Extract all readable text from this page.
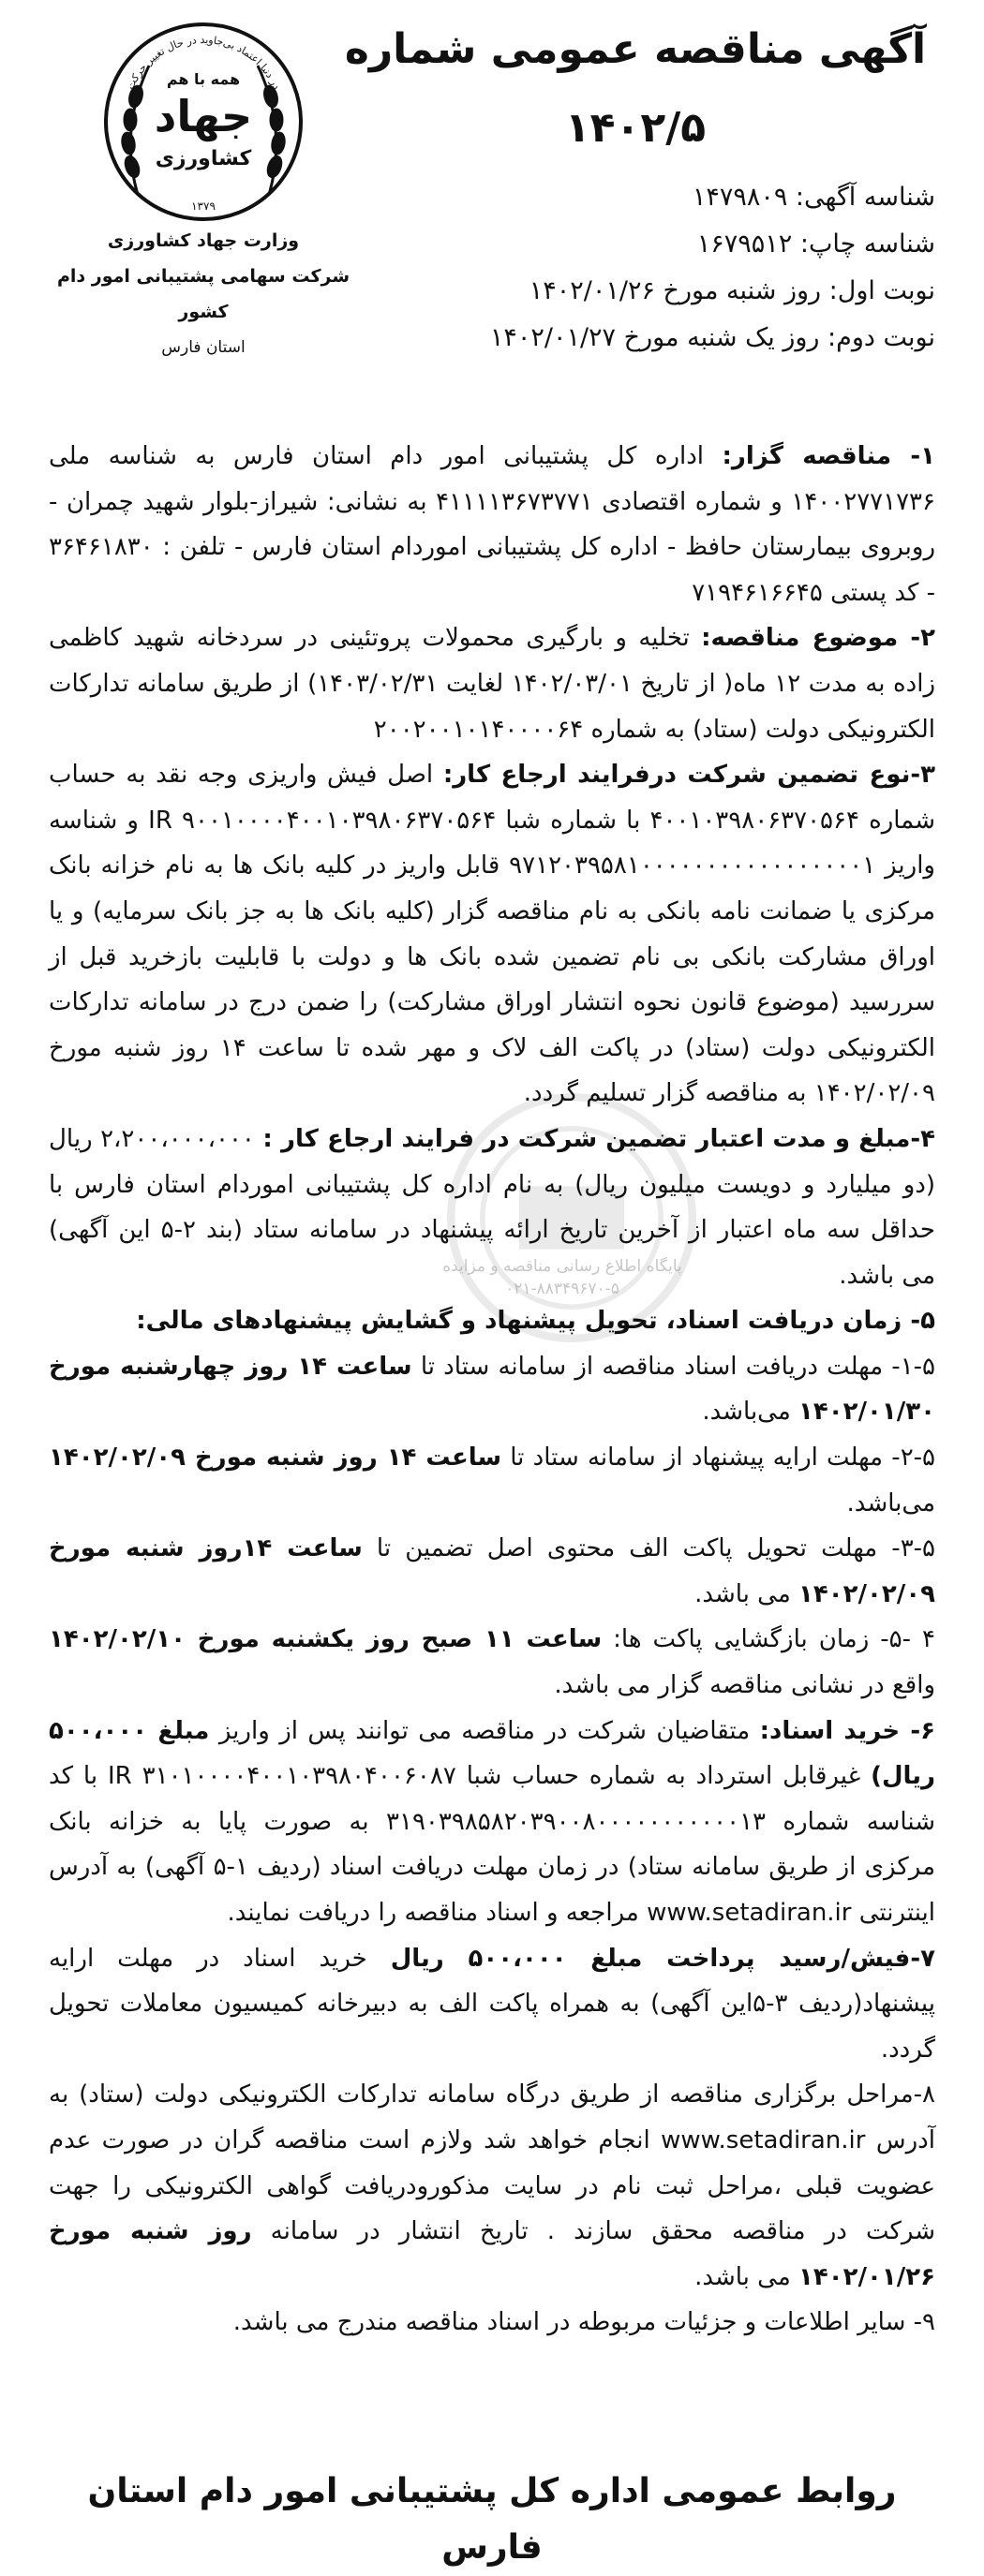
پایگاه اطلاع رسانی مناقصه و مزایده
۰۲۱-۸۸۳۴۹۶۷۰-۵
آگهی مناقصه عمومی شماره
۱۴۰۲/۵
شناسه آگهی: ۱۴۷۹۸۰۹
شناسه چاپ: ۱۶۷۹۵۱۲
نوبت اول: روز شنبه مورخ ۱۴۰۲/۰۱/۲۶
نوبت دوم: روز یک شنبه مورخ ۱۴۰۲/۰۱/۲۷
در دنیا اعتماد بی‌جاوید در حال تغییر حرکت
همه با هم
جهاد
کشاورزی
۱۳۷۹
وزارت جهاد کشاورزی
شرکت سهامی پشتیبانی امور دام کشور
استان فارس

۱- مناقصه گزار: اداره کل پشتیبانی امور دام استان فارس به شناسه ملی ۱۴۰۰۲۷۷۱۷۳۶ و شماره اقتصادی ۴۱۱۱۱۳۶۷۳۷۷۱ به نشانی: شیراز-بلوار شهید چمران - روبروی بیمارستان حافظ - اداره کل پشتیبانی اموردام استان فارس - تلفن : ۳۶۴۶۱۸۳۰ - کد پستی ۷۱۹۴۶۱۶۶۴۵

۲- موضوع مناقصه: تخلیه و بارگیری محمولات پروتئینی در سردخانه شهید کاظمی زاده به مدت ۱۲ ماه( از تاریخ ۱۴۰۲/۰۳/۰۱ لغایت ۱۴۰۳/۰۲/۳۱) از طریق سامانه تدارکات الکترونیکی دولت (ستاد) به شماره ۲۰۰۲۰۰۱۰۱۴۰۰۰۰۶۴

۳-نوع تضمین شرکت درفرایند ارجاع کار: اصل فیش واریزی وجه نقد به حساب شماره ۴۰۰۱۰۳۹۸۰۶۳۷۰۵۶۴ با شماره شبا IR ۹۰۰۱۰۰۰۰۴۰۰۱۰۳۹۸۰۶۳۷۰۵۶۴ و شناسه واریز ۹۷۱۲۰۳۹۵۸۱۰۰۰۰۰۰۰۰۰۰۰۰۰۰۰۰۰۱ قابل واریز در کلیه بانک ها به نام خزانه بانک مرکزی یا ضمانت نامه بانکی به نام مناقصه گزار (کلیه بانک ها به جز بانک سرمایه) و یا اوراق مشارکت بانکی بی نام تضمین شده بانک ها و دولت با قابلیت بازخرید قبل از سررسید (موضوع قانون نحوه انتشار اوراق مشارکت) را ضمن درج در سامانه تدارکات الکترونیکی دولت (ستاد) در پاکت الف لاک و مهر شده تا ساعت ۱۴ روز شنبه مورخ ۱۴۰۲/۰۲/۰۹ به مناقصه گزار تسلیم گردد.

۴-مبلغ و مدت اعتبار تضمین شرکت در فرایند ارجاع کار : ۲،۲۰۰،۰۰۰،۰۰۰ ریال (دو میلیارد و دویست میلیون ریال) به نام اداره کل پشتیبانی اموردام استان فارس با حداقل سه ماه اعتبار از آخرین تاریخ ارائه پیشنهاد در سامانه ستاد (بند ۲-۵ این آگهی) می باشد.

۵- زمان دریافت اسناد، تحویل پیشنهاد و گشایش پیشنهادهای مالی:

۱-۵- مهلت دریافت اسناد مناقصه از سامانه ستاد تا ساعت ۱۴ روز چهارشنبه مورخ ۱۴۰۲/۰۱/۳۰ می‌باشد.

۲-۵- مهلت ارایه پیشنهاد از سامانه ستاد تا ساعت ۱۴ روز شنبه مورخ ۱۴۰۲/۰۲/۰۹ می‌باشد.

۳-۵- مهلت تحویل پاکت الف محتوی اصل تضمین تا ساعت ۱۴روز شنبه مورخ ۱۴۰۲/۰۲/۰۹ می باشد.

۴ -۵- زمان بازگشایی پاکت ها: ساعت ۱۱ صبح روز یکشنبه مورخ ۱۴۰۲/۰۲/۱۰ واقع در نشانی مناقصه گزار می باشد.

۶- خرید اسناد: متقاضیان شرکت در مناقصه می توانند پس از واریز مبلغ ۵۰۰،۰۰۰ ریال) غیرقابل استرداد به شماره حساب شبا IR ۳۱۰۱۰۰۰۰۴۰۰۱۰۳۹۸۰۴۰۰۶۰۸۷ با کد شناسه شماره ۳۱۹۰۳۹۸۵۸۲۰۳۹۰۰۸۰۰۰۰۰۰۰۰۰۰۰۱۳ به صورت پایا به خزانه بانک مرکزی از طریق سامانه ستاد) در زمان مهلت دریافت اسناد (ردیف ۱-۵ آگهی) به آدرس اینترنتی www.setadiran.ir مراجعه و اسناد مناقصه را دریافت نمایند.

۷-فیش/رسید پرداخت مبلغ ۵۰۰،۰۰۰ ریال خرید اسناد در مهلت ارایه پیشنهاد(ردیف ۳-۵این آگهی) به همراه پاکت الف به دبیرخانه کمیسیون معاملات تحویل گردد.

۸-مراحل برگزاری مناقصه از طریق درگاه سامانه تدارکات الکترونیکی دولت (ستاد) به آدرس www.setadiran.ir انجام خواهد شد ولازم است مناقصه گران در صورت عدم عضویت قبلی ،مراحل ثبت نام در سایت مذکورودریافت گواهی الکترونیکی را جهت شرکت در مناقصه محقق سازند . تاریخ انتشار در سامانه روز شنبه مورخ ۱۴۰۲/۰۱/۲۶ می باشد.

۹- سایر اطلاعات و جزئیات مربوطه در اسناد مناقصه مندرج می باشد.

روابط عمومی اداره کل پشتیبانی امور دام استان فارس
